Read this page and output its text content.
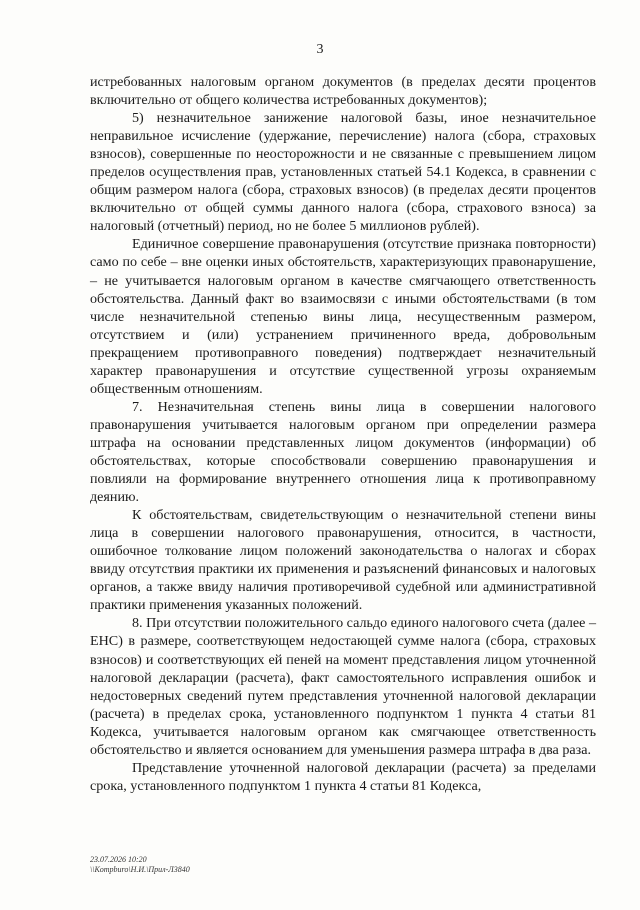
3

истребованных налоговым органом документов (в пределах десяти процентов включительно от общего количества истребованных документов);

5) незначительное занижение налоговой базы, иное незначительное неправильное исчисление (удержание, перечисление) налога (сбора, страховых взносов), совершенные по неосторожности и не связанные с превышением лицом пределов осуществления прав, установленных статьей 54.1 Кодекса, в сравнении с общим размером налога (сбора, страховых взносов) (в пределах десяти процентов включительно от общей суммы данного налога (сбора, страхового взноса) за налоговый (отчетный) период, но не более 5 миллионов рублей).

Единичное совершение правонарушения (отсутствие признака повторности) само по себе – вне оценки иных обстоятельств, характеризующих правонарушение, – не учитывается налоговым органом в качестве смягчающего ответственность обстоятельства. Данный факт во взаимосвязи с иными обстоятельствами (в том числе незначительной степенью вины лица, несущественным размером, отсутствием и (или) устранением причиненного вреда, добровольным прекращением противоправного поведения) подтверждает незначительный характер правонарушения и отсутствие существенной угрозы охраняемым общественным отношениям.

7. Незначительная степень вины лица в совершении налогового правонарушения учитывается налоговым органом при определении размера штрафа на основании представленных лицом документов (информации) об обстоятельствах, которые способствовали совершению правонарушения и повлияли на формирование внутреннего отношения лица к противоправному деянию.

К обстоятельствам, свидетельствующим о незначительной степени вины лица в совершении налогового правонарушения, относится, в частности, ошибочное толкование лицом положений законодательства о налогах и сборах ввиду отсутствия практики их применения и разъяснений финансовых и налоговых органов, а также ввиду наличия противоречивой судебной или административной практики применения указанных положений.

8. При отсутствии положительного сальдо единого налогового счета (далее – ЕНС) в размере, соответствующем недостающей сумме налога (сбора, страховых взносов) и соответствующих ей пеней на момент представления лицом уточненной налоговой декларации (расчета), факт самостоятельного исправления ошибок и недостоверных сведений путем представления уточненной налоговой декларации (расчета) в пределах срока, установленного подпунктом 1 пункта 4 статьи 81 Кодекса, учитывается налоговым органом как смягчающее ответственность обстоятельство и является основанием для уменьшения размера штрафа в два раза.

Представление уточненной налоговой декларации (расчета) за пределами срока, установленного подпунктом 1 пункта 4 статьи 81 Кодекса,

23.07.2026 10:20
\\Kompburo\Н.И.\Прил-Л3840
